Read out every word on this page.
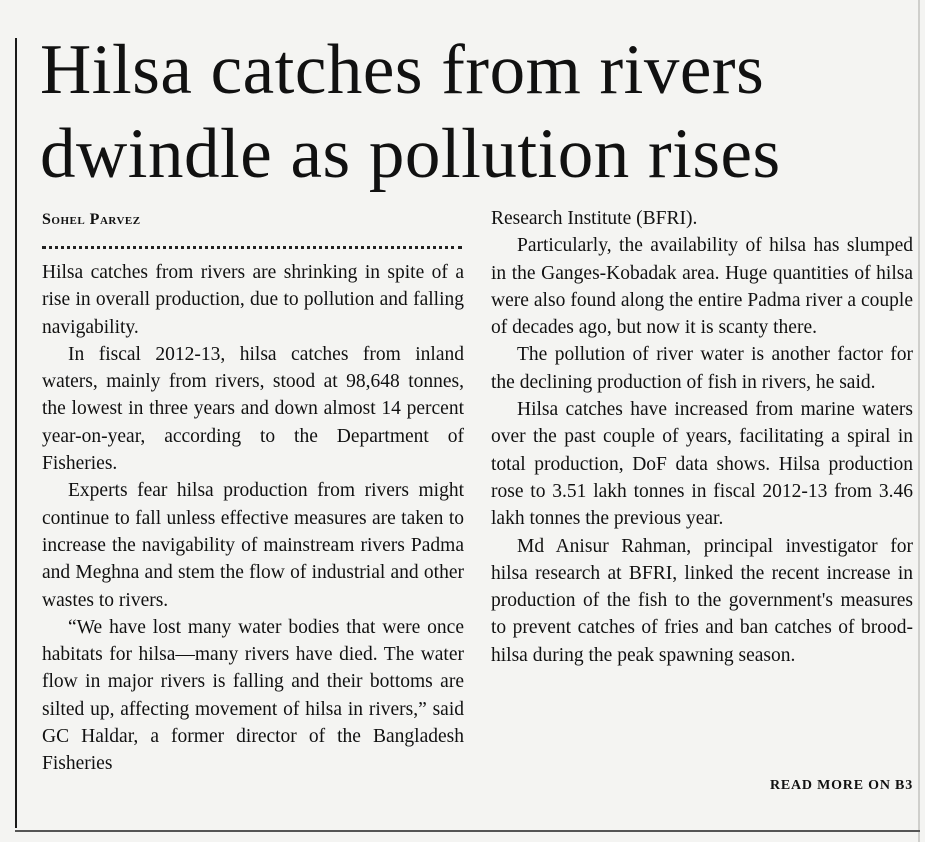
Hilsa catches from rivers
dwindle as pollution rises
Sohel Parvez

Hilsa catches from rivers are shrinking in spite of a rise in overall production, due to pollution and falling navigability.

In fiscal 2012-13, hilsa catches from inland waters, mainly from rivers, stood at 98,648 tonnes, the lowest in three years and down almost 14 percent year-on-year, according to the Department of Fisheries.

Experts fear hilsa production from rivers might continue to fall unless effective measures are taken to increase the navigability of mainstream rivers Padma and Meghna and stem the flow of industrial and other wastes to rivers.

“We have lost many water bodies that were once habitats for hilsa—many rivers have died. The water flow in major rivers is falling and their bottoms are silted up, affecting movement of hilsa in rivers,” said GC Haldar, a former director of the Bangladesh Fisheries

Research Institute (BFRI).

Particularly, the availability of hilsa has slumped in the Ganges-Kobadak area. Huge quantities of hilsa were also found along the entire Padma river a couple of decades ago, but now it is scanty there.

The pollution of river water is another factor for the declining production of fish in rivers, he said.

Hilsa catches have increased from marine waters over the past couple of years, facilitating a spiral in total production, DoF data shows. Hilsa production rose to 3.51 lakh tonnes in fiscal 2012-13 from 3.46 lakh tonnes the previous year.

Md Anisur Rahman, principal investigator for hilsa research at BFRI, linked the recent increase in production of the fish to the government's measures to prevent catches of fries and ban catches of brood-hilsa during the peak spawning season.

READ MORE ON B3
